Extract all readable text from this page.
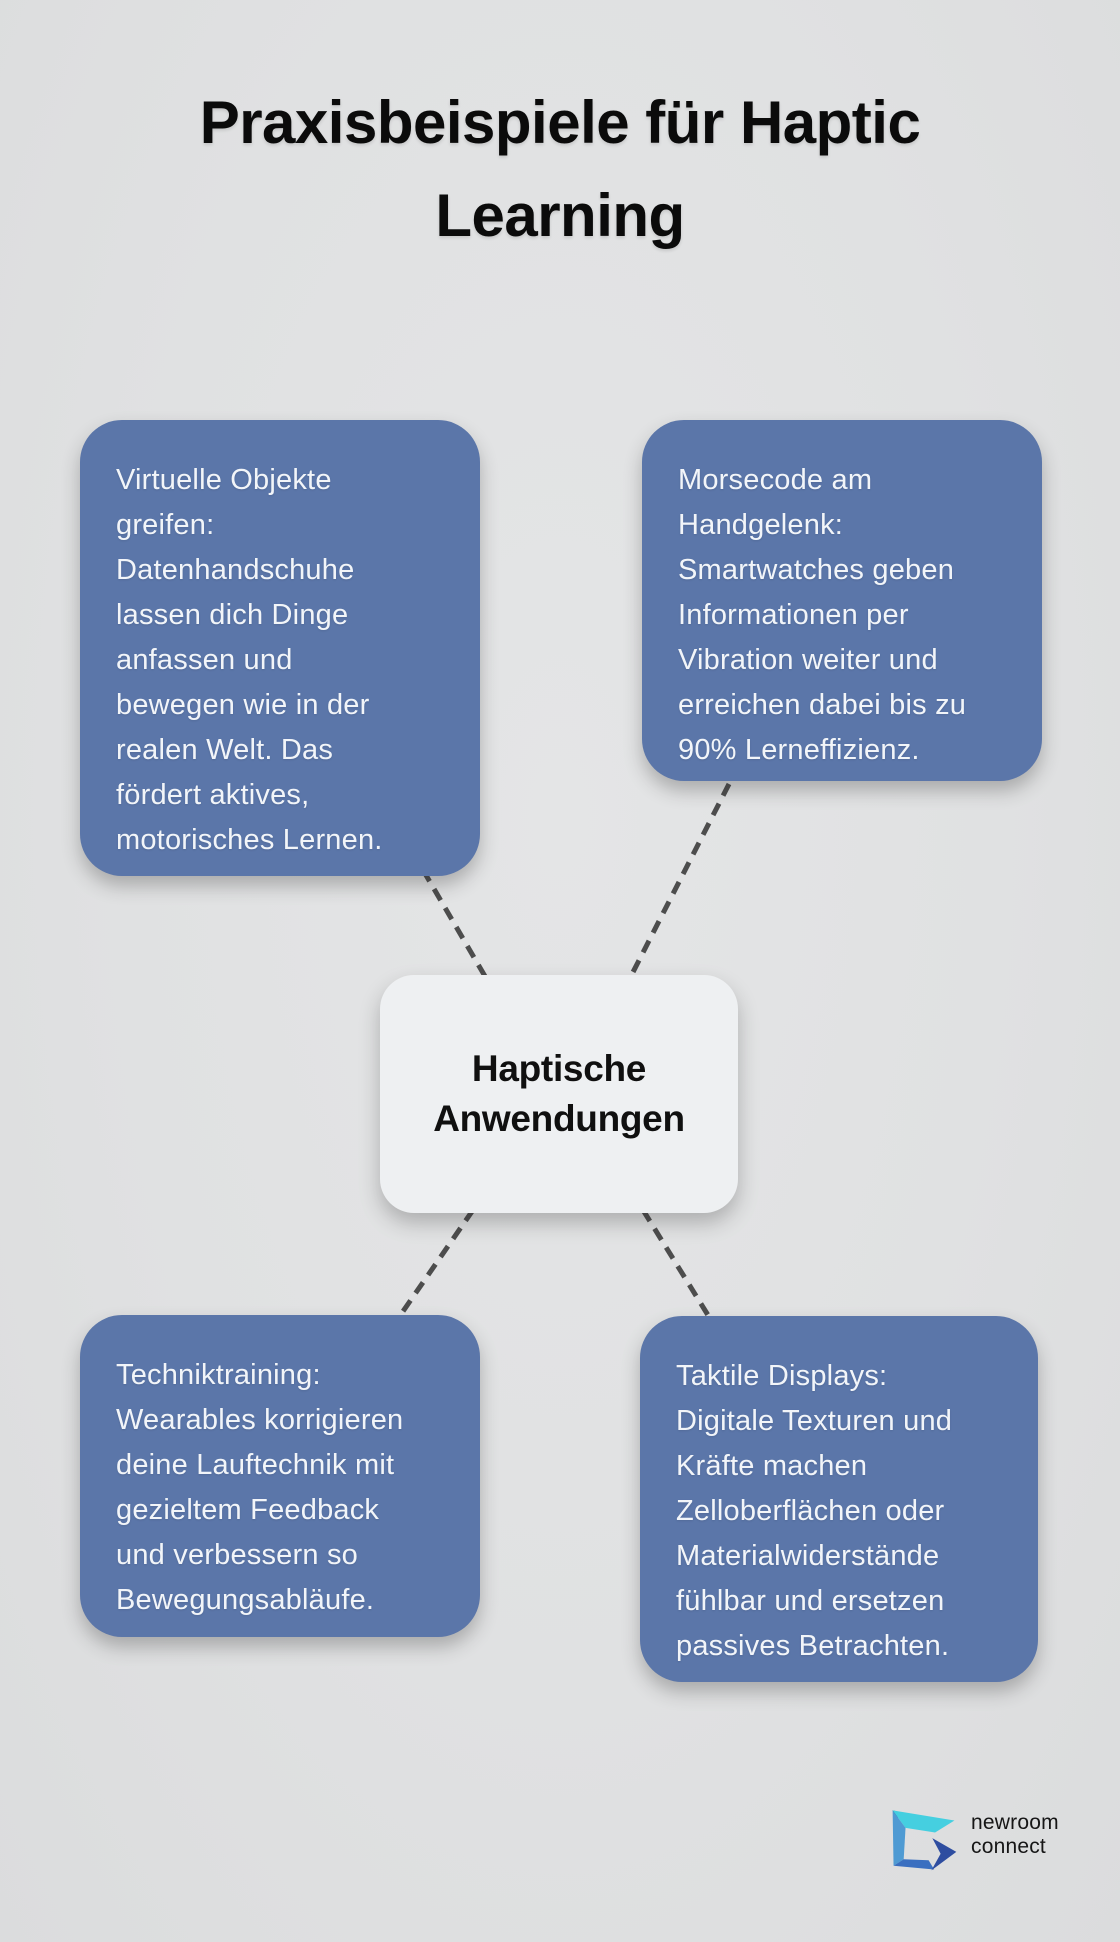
Praxisbeispiele für Haptic
Learning
Virtuelle Objekte
greifen:
Datenhandschuhe
lassen dich Dinge
anfassen und
bewegen wie in der
realen Welt. Das
fördert aktives,
motorisches Lernen.
Morsecode am
Handgelenk:
Smartwatches geben
Informationen per
Vibration weiter und
erreichen dabei bis zu
90% Lerneffizienz.
Haptische
Anwendungen
Techniktraining:
Wearables korrigieren
deine Lauftechnik mit
gezieltem Feedback
und verbessern so
Bewegungsabläufe.
Taktile Displays:
Digitale Texturen und
Kräfte machen
Zelloberflächen oder
Materialwiderstände
fühlbar und ersetzen
passives Betrachten.
newroom
connect
